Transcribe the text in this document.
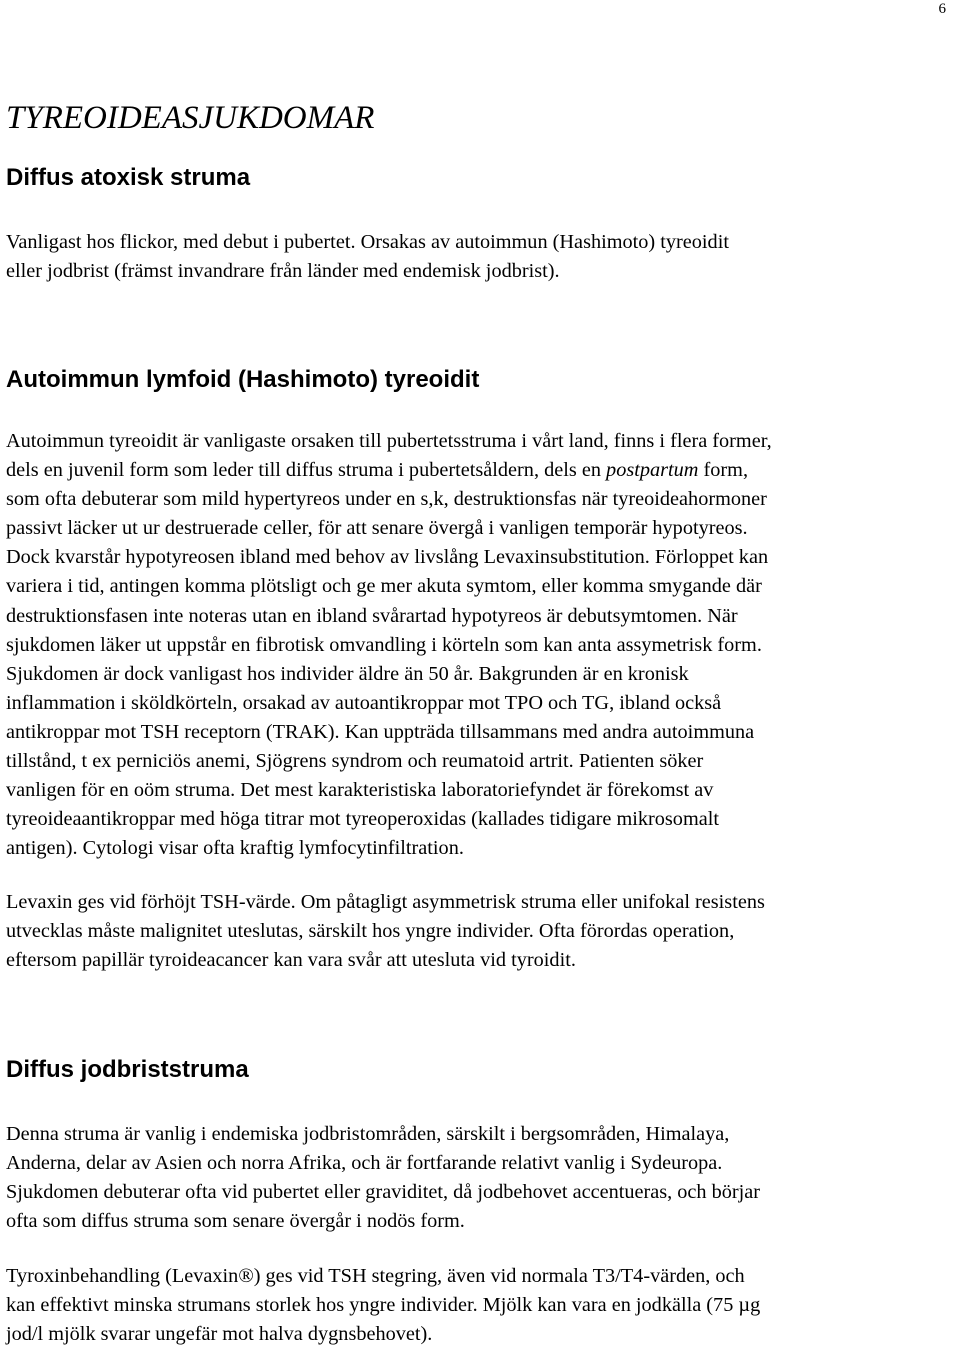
6
TYREOIDEASJUKDOMAR
Diffus atoxisk struma
Vanligast hos flickor, med debut i pubertet. Orsakas av autoimmun (Hashimoto) tyreoidit
eller jodbrist (främst invandrare från länder med endemisk jodbrist).
Autoimmun lymfoid (Hashimoto) tyreoidit
Autoimmun tyreoidit är vanligaste orsaken till pubertetsstruma i vårt land, finns i flera former,
dels en juvenil form som leder till diffus struma i pubertetsåldern, dels en postpartum form,
som ofta debuterar som mild hypertyreos under en s,k, destruktionsfas när tyreoideahormoner
passivt läcker ut ur destruerade celler, för att senare övergå i vanligen temporär hypotyreos.
Dock kvarstår hypotyreosen ibland med behov av livslång Levaxinsubstitution. Förloppet kan
variera i tid, antingen komma plötsligt och ge mer akuta symtom, eller komma smygande där
destruktionsfasen inte noteras utan en ibland svårartad hypotyreos är debutsymtomen. När
sjukdomen läker ut uppstår en fibrotisk omvandling i körteln som kan anta assymetrisk form.
Sjukdomen är dock vanligast hos individer äldre än 50 år. Bakgrunden är en kronisk
inflammation i sköldkörteln, orsakad av autoantikroppar mot TPO och TG, ibland också
antikroppar mot TSH receptorn (TRAK). Kan uppträda tillsammans med andra autoimmuna
tillstånd, t ex perniciös anemi, Sjögrens syndrom och reumatoid artrit. Patienten söker
vanligen för en oöm struma. Det mest karakteristiska laboratoriefyndet är förekomst av
tyreoideaantikroppar med höga titrar mot tyreoperoxidas (kallades tidigare mikrosomalt
antigen). Cytologi visar ofta kraftig lymfocytinfiltration.
Levaxin ges vid förhöjt TSH-värde. Om påtagligt asymmetrisk struma eller unifokal resistens
utvecklas måste malignitet uteslutas, särskilt hos yngre individer. Ofta förordas operation,
eftersom papillär tyroideacancer kan vara svår att utesluta vid tyroidit.
Diffus jodbriststruma
Denna struma är vanlig i endemiska jodbristområden, särskilt i bergsområden, Himalaya,
Anderna, delar av Asien och norra Afrika, och är fortfarande relativt vanlig i Sydeuropa.
Sjukdomen debuterar ofta vid pubertet eller graviditet, då jodbehovet accentueras, och börjar
ofta som diffus struma som senare övergår i nodös form.
Tyroxinbehandling (Levaxin®) ges vid TSH stegring, även vid normala T3/T4-värden, och
kan effektivt minska strumans storlek hos yngre individer. Mjölk kan vara en jodkälla (75 µg
jod/l mjölk svarar ungefär mot halva dygnsbehovet).
